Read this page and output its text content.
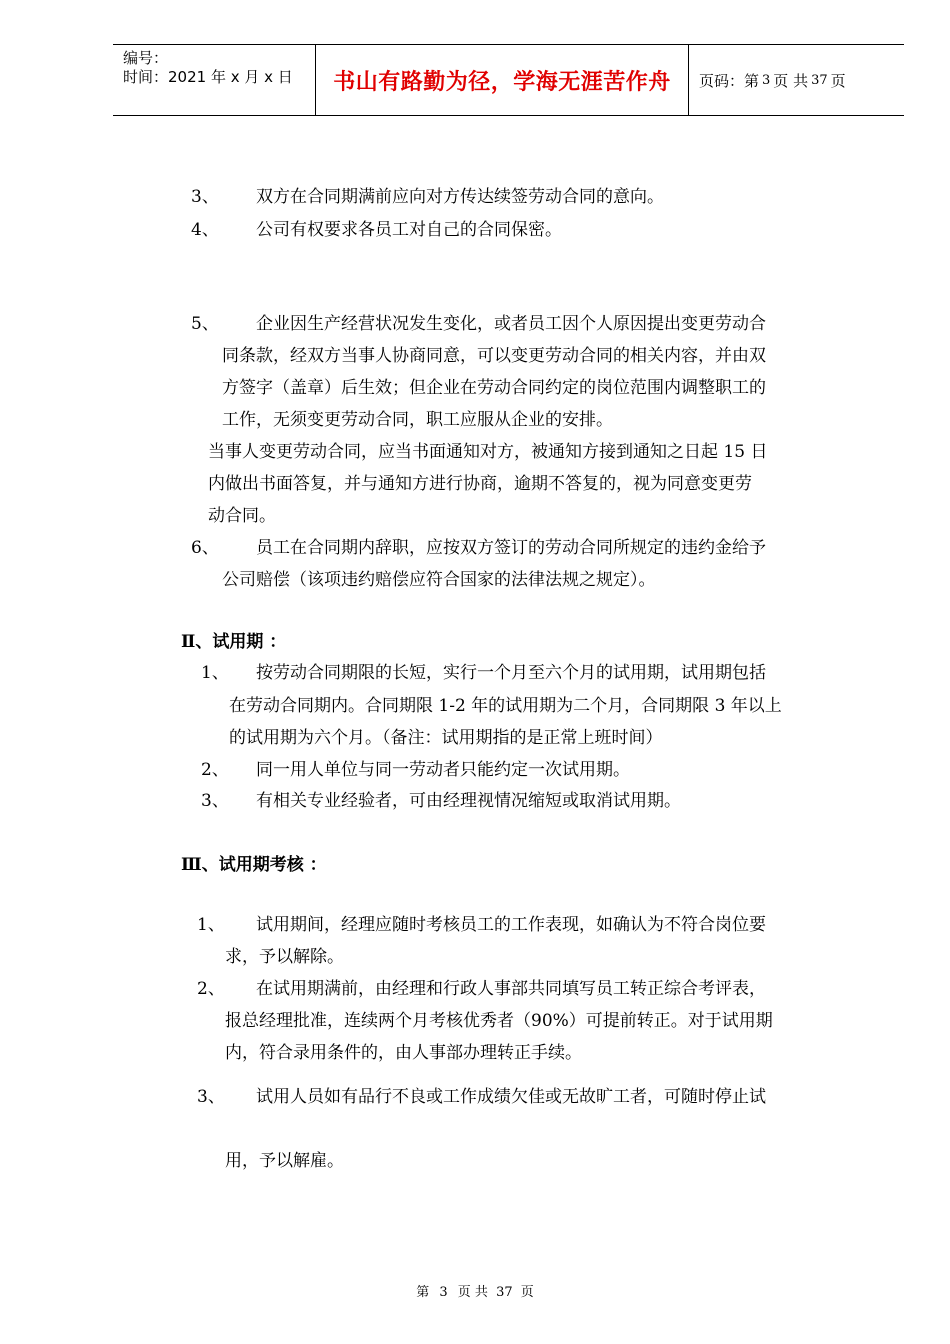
编号：
时间：2021 年 x 月 x 日	书山有路勤为径，学海无涯苦作舟	页码：第 3 页 共 37 页
3、 双方在合同期满前应向对方传达续签劳动合同的意向。
4、 公司有权要求各员工对自己的合同保密。
5、 企业因生产经营状况发生变化，或者员工因个人原因提出变更劳动合
同条款，经双方当事人协商同意，可以变更劳动合同的相关内容，并由双
方签字（盖章）后生效；但企业在劳动合同约定的岗位范围内调整职工的
工作，无须变更劳动合同，职工应服从企业的安排。
当事人变更劳动合同，应当书面通知对方，被通知方接到通知之日起 15 日
内做出书面答复，并与通知方进行协商，逾期不答复的，视为同意变更劳
动合同。
6、 员工在合同期内辞职，应按双方签订的劳动合同所规定的违约金给予
公司赔偿（该项违约赔偿应符合国家的法律法规之规定）。
Ⅱ、试用期 ：
1、 按劳动合同期限的长短，实行一个月至六个月的试用期，试用期包括
在劳动合同期内。合同期限 1-2 年的试用期为二个月，合同期限 3 年以上
的试用期为六个月。（备注：试用期指的是正常上班时间）
2、 同一用人单位与同一劳动者只能约定一次试用期。
3、 有相关专业经验者，可由经理视情况缩短或取消试用期。
Ⅲ、试用期考核 ：
1、 试用期间，经理应随时考核员工的工作表现，如确认为不符合岗位要
求，予以解除。
2、 在试用期满前，由经理和行政人事部共同填写员工转正综合考评表，
报总经理批准，连续两个月考核优秀者（90%）可提前转正。对于试用期
内，符合录用条件的，由人事部办理转正手续。
3、 试用人员如有品行不良或工作成绩欠佳或无故旷工者，可随时停止试
用，予以解雇。
第 3 页 共 37 页
